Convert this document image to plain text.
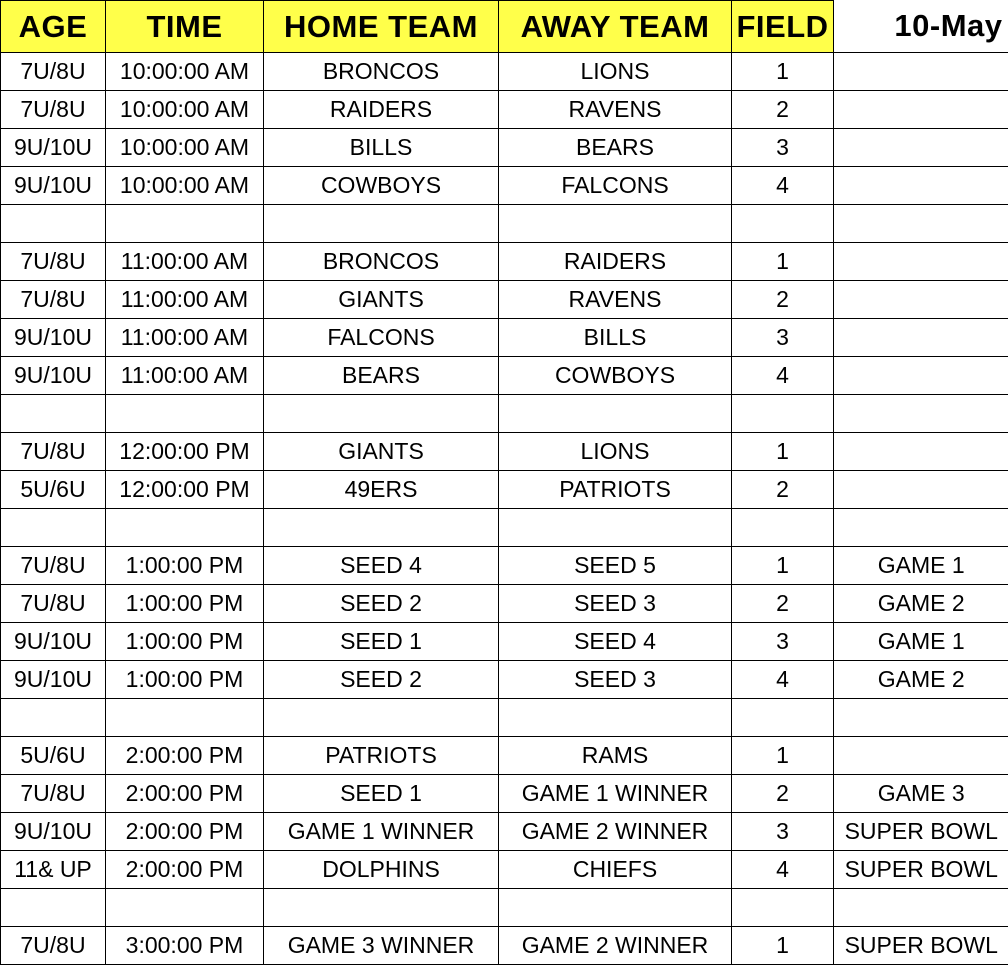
AGE	TIME	HOME TEAM	AWAY TEAM	FIELD	10-May
7U/8U	10:00:00 AM	BRONCOS	LIONS	1	
7U/8U	10:00:00 AM	RAIDERS	RAVENS	2	
9U/10U	10:00:00 AM	BILLS	BEARS	3	
9U/10U	10:00:00 AM	COWBOYS	FALCONS	4	

7U/8U	11:00:00 AM	BRONCOS	RAIDERS	1	
7U/8U	11:00:00 AM	GIANTS	RAVENS	2	
9U/10U	11:00:00 AM	FALCONS	BILLS	3	
9U/10U	11:00:00 AM	BEARS	COWBOYS	4	

7U/8U	12:00:00 PM	GIANTS	LIONS	1	
5U/6U	12:00:00 PM	49ERS	PATRIOTS	2	

7U/8U	1:00:00 PM	SEED 4	SEED 5	1	GAME 1
7U/8U	1:00:00 PM	SEED 2	SEED 3	2	GAME 2
9U/10U	1:00:00 PM	SEED 1	SEED 4	3	GAME 1
9U/10U	1:00:00 PM	SEED 2	SEED 3	4	GAME 2

5U/6U	2:00:00 PM	PATRIOTS	RAMS	1	
7U/8U	2:00:00 PM	SEED 1	GAME 1 WINNER	2	GAME 3
9U/10U	2:00:00 PM	GAME 1 WINNER	GAME 2 WINNER	3	SUPER BOWL
11& UP	2:00:00 PM	DOLPHINS	CHIEFS	4	SUPER BOWL

7U/8U	3:00:00 PM	GAME 3 WINNER	GAME 2 WINNER	1	SUPER BOWL
